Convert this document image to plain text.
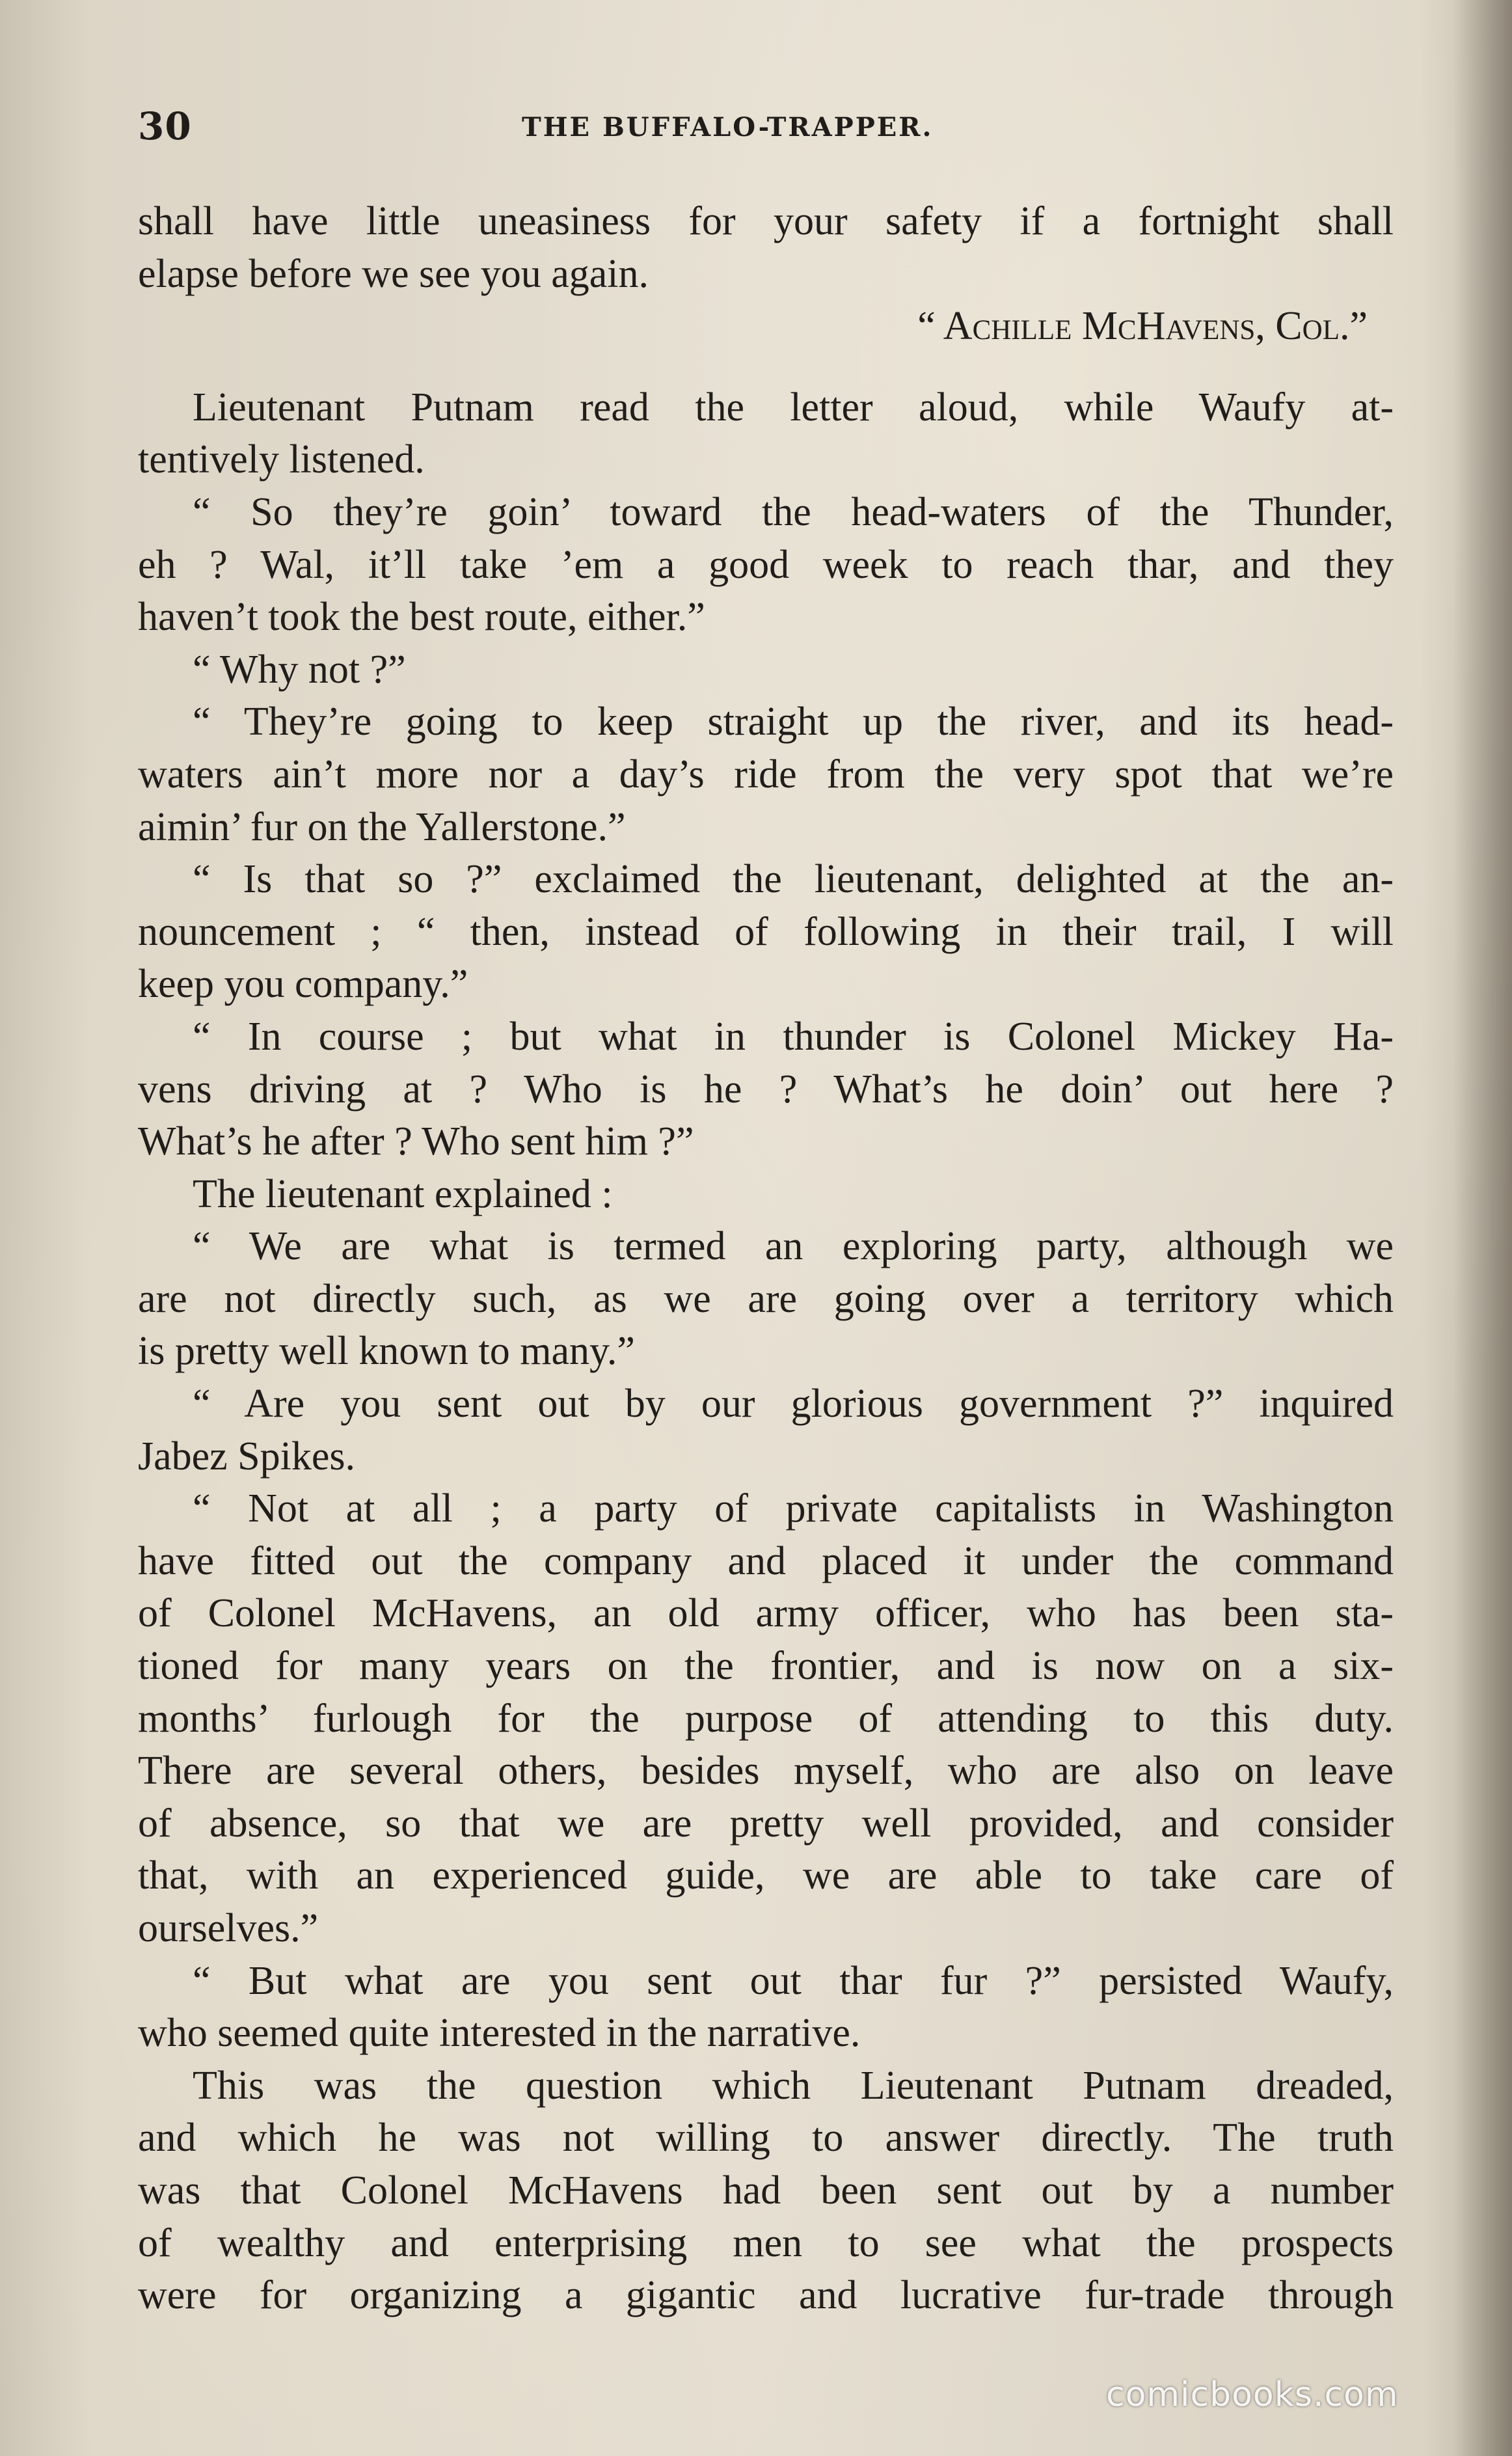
30	THE BUFFALO-TRAPPER.
shall have little uneasiness for your safety if a fortnight shall
elapse before we see you again.
“ Achille McHavens, Col.”
Lieutenant Putnam read the letter aloud, while Waufy at-
tentively listened.
“ So they’re goin’ toward the head-waters of the Thunder,
eh ? Wal, it’ll take ’em a good week to reach thar, and they
haven’t took the best route, either.”
“ Why not ?”
“ They’re going to keep straight up the river, and its head-
waters ain’t more nor a day’s ride from the very spot that we’re
aimin’ fur on the Yallerstone.”
“ Is that so ?” exclaimed the lieutenant, delighted at the an-
nouncement ; “ then, instead of following in their trail, I will
keep you company.”
“ In course ; but what in thunder is Colonel Mickey Ha-
vens driving at ? Who is he ? What’s he doin’ out here ?
What’s he after ? Who sent him ?”
The lieutenant explained :
“ We are what is termed an exploring party, although we
are not directly such, as we are going over a territory which
is pretty well known to many.”
“ Are you sent out by our glorious government ?” inquired
Jabez Spikes.
“ Not at all ; a party of private capitalists in Washington
have fitted out the company and placed it under the command
of Colonel McHavens, an old army officer, who has been sta-
tioned for many years on the frontier, and is now on a six-
months’ furlough for the purpose of attending to this duty.
There are several others, besides myself, who are also on leave
of absence, so that we are pretty well provided, and consider
that, with an experienced guide, we are able to take care of
ourselves.”
“ But what are you sent out thar fur ?” persisted Waufy,
who seemed quite interested in the narrative.
This was the question which Lieutenant Putnam dreaded,
and which he was not willing to answer directly. The truth
was that Colonel McHavens had been sent out by a number
of wealthy and enterprising men to see what the prospects
were for organizing a gigantic and lucrative fur-trade through
comicbooks.com
